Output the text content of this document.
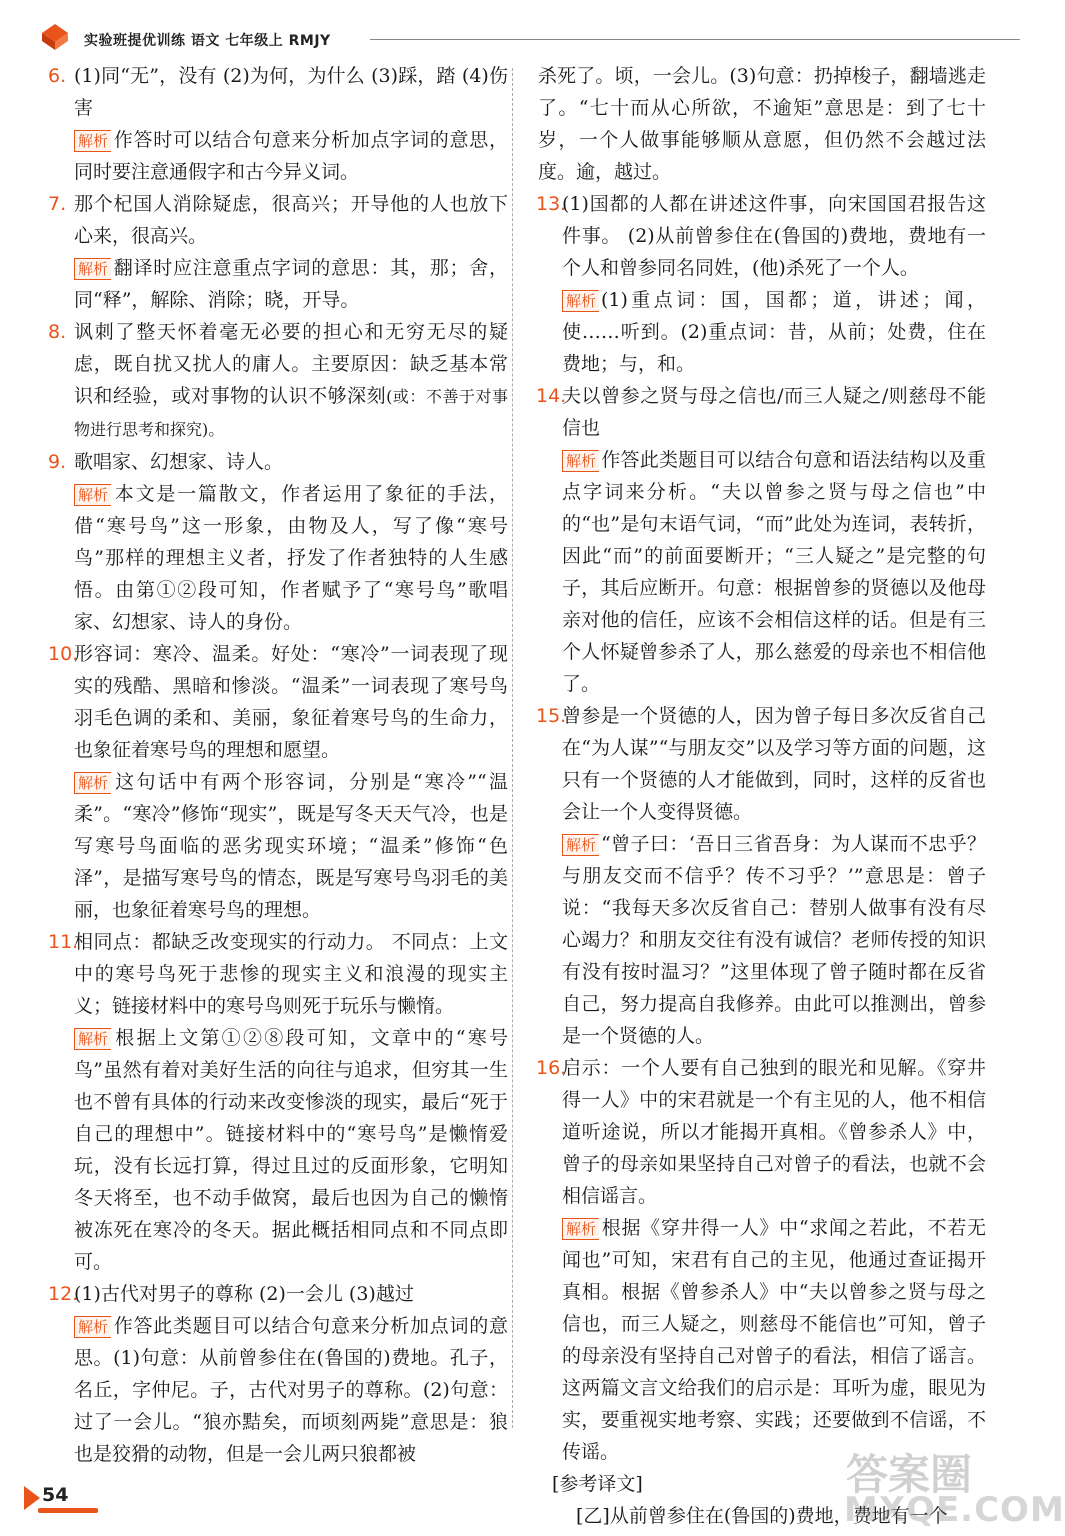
实验班提优训练 语文 七年级上 RMJY
6. (1)同“无”，没有 (2)为何，为什么 (3)踩，踏 (4)伤害

解析 作答时可以结合句意来分析加点字词的意思，同时要注意通假字和古今异义词。

7. 那个杞国人消除疑虑，很高兴；开导他的人也放下心来，很高兴。

解析 翻译时应注意重点字词的意思：其，那；舍，同“释”，解除、消除；晓，开导。

8. 讽刺了整天怀着毫无必要的担心和无穷无尽的疑虑，既自扰又扰人的庸人。主要原因：缺乏基本常识和经验，或对事物的认识不够深刻(或：不善于对事物进行思考和探究)。
9. 歌唱家、幻想家、诗人。

解析 本文是一篇散文，作者运用了象征的手法，借“寒号鸟”这一形象，由物及人，写了像“寒号鸟”那样的理想主义者，抒发了作者独特的人生感悟。由第①②段可知，作者赋予了“寒号鸟”歌唱家、幻想家、诗人的身份。

10.
形容词：寒冷、温柔。好处：“寒冷”一词表现了现实的残酷、黑暗和惨淡。“温柔”一词表现了寒号鸟羽毛色调的柔和、美丽，象征着寒号鸟的生命力，也象征着寒号鸟的理想和愿望。

解析 这句话中有两个形容词，分别是“寒冷”“温柔”。“寒冷”修饰“现实”，既是写冬天天气冷，也是写寒号鸟面临的恶劣现实环境；“温柔”修饰“色泽”，是描写寒号鸟的情态，既是写寒号鸟羽毛的美丽，也象征着寒号鸟的理想。

11.
相同点：都缺乏改变现实的行动力。 不同点：上文中的寒号鸟死于悲惨的现实主义和浪漫的现实主义；链接材料中的寒号鸟则死于玩乐与懒惰。

解析 根据上文第①②⑧段可知，文章中的“寒号鸟”虽然有着对美好生活的向往与追求，但穷其一生也不曾有具体的行动来改变惨淡的现实，最后“死于自己的理想中”。链接材料中的“寒号鸟”是懒惰爱玩，没有长远打算，得过且过的反面形象，它明知冬天将至，也不动手做窝，最后也因为自己的懒惰被冻死在寒冷的冬天。据此概括相同点和不同点即可。

12.
(1)古代对男子的尊称 (2)一会儿 (3)越过

解析 作答此类题目可以结合句意来分析加点词的意思。(1)句意：从前曾参住在(鲁国的)费地。孔子，名丘，字仲尼。子，古代对男子的尊称。(2)句意：过了一会儿。“狼亦黠矣，而顷刻两毙”意思是：狼也是狡猾的动物，但是一会儿两只狼都被

杀死了。顷，一会儿。(3)句意：扔掉梭子，翻墙逃走了。“七十而从心所欲，不逾矩”意思是：到了七十岁，一个人做事能够顺从意愿，但仍然不会越过法度。逾，越过。

13.
(1)国都的人都在讲述这件事，向宋国国君报告这件事。 (2)从前曾参住在(鲁国的)费地，费地有一个人和曾参同名同姓，(他)杀死了一个人。

解析 (1)重点词：国，国都；道，讲述；闻，使……听到。(2)重点词：昔，从前；处费，住在费地；与，和。

14.
夫以曾参之贤与母之信也/而三人疑之/则慈母不能信也

解析 作答此类题目可以结合句意和语法结构以及重点字词来分析。“夫以曾参之贤与母之信也”中的“也”是句末语气词，“而”此处为连词，表转折，因此“而”的前面要断开；“三人疑之”是完整的句子，其后应断开。句意：根据曾参的贤德以及他母亲对他的信任，应该不会相信这样的话。但是有三个人怀疑曾参杀了人，那么慈爱的母亲也不相信他了。

15.
曾参是一个贤德的人，因为曾子每日多次反省自己在“为人谋”“与朋友交”以及学习等方面的问题，这只有一个贤德的人才能做到，同时，这样的反省也会让一个人变得贤德。

解析 “曾子曰：‘吾日三省吾身：为人谋而不忠乎？与朋友交而不信乎？传不习乎？’”意思是：曾子说：“我每天多次反省自己：替别人做事有没有尽心竭力？和朋友交往有没有诚信？老师传授的知识有没有按时温习？”这里体现了曾子随时都在反省自己，努力提高自我修养。由此可以推测出，曾参是一个贤德的人。

16.
启示：一个人要有自己独到的眼光和见解。《穿井得一人》中的宋君就是一个有主见的人，他不相信道听途说，所以才能揭开真相。《曾参杀人》中，曾子的母亲如果坚持自己对曾子的看法，也就不会相信谣言。

解析 根据《穿井得一人》中“求闻之若此，不若无闻也”可知，宋君有自己的主见，他通过查证揭开真相。根据《曾参杀人》中“夫以曾参之贤与母之信也，而三人疑之，则慈母不能信也”可知，曾子的母亲没有坚持自己对曾子的看法，相信了谣言。这两篇文言文给我们的启示是：耳听为虚，眼见为实，要重视实地考察、实践；还要做到不信谣，不传谣。

[参考译文]

[乙]从前曾参住在(鲁国的)费地，费地有一个

54	答案圈
MXQE.COM
